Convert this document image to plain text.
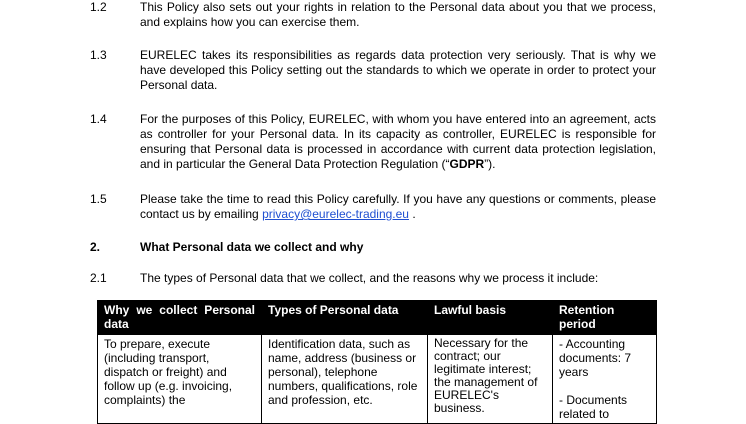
1.2	This Policy also sets out your rights in relation to the Personal data about you that we process, and explains how you can exercise them.

1.3	EURELEC takes its responsibilities as regards data protection very seriously. That is why we have developed this Policy setting out the standards to which we operate in order to protect your Personal data.

1.4	For the purposes of this Policy, EURELEC, with whom you have entered into an agreement, acts as controller for your Personal data. In its capacity as controller, EURELEC is responsible for ensuring that Personal data is processed in accordance with current data protection legislation, and in particular the General Data Protection Regulation (“GDPR”).

1.5	Please take the time to read this Policy carefully. If you have any questions or comments, please contact us by emailing privacy@eurelec-trading.eu .

2.	What Personal data we collect and why
2.1	The types of Personal data that we collect, and the reasons why we process it include:

Why we collect Personal data	Types of Personal data	Lawful basis	Retention period

To prepare, execute (including transport, dispatch or freight) and follow up (e.g. invoicing, complaints) the	Identification data, such as name, address (business or personal), telephone numbers, qualifications, role and profession, etc.	Necessary for the contract; our legitimate interest; the management of EURELEC's business.	- Accounting documents: 7 years

- Documents related to
